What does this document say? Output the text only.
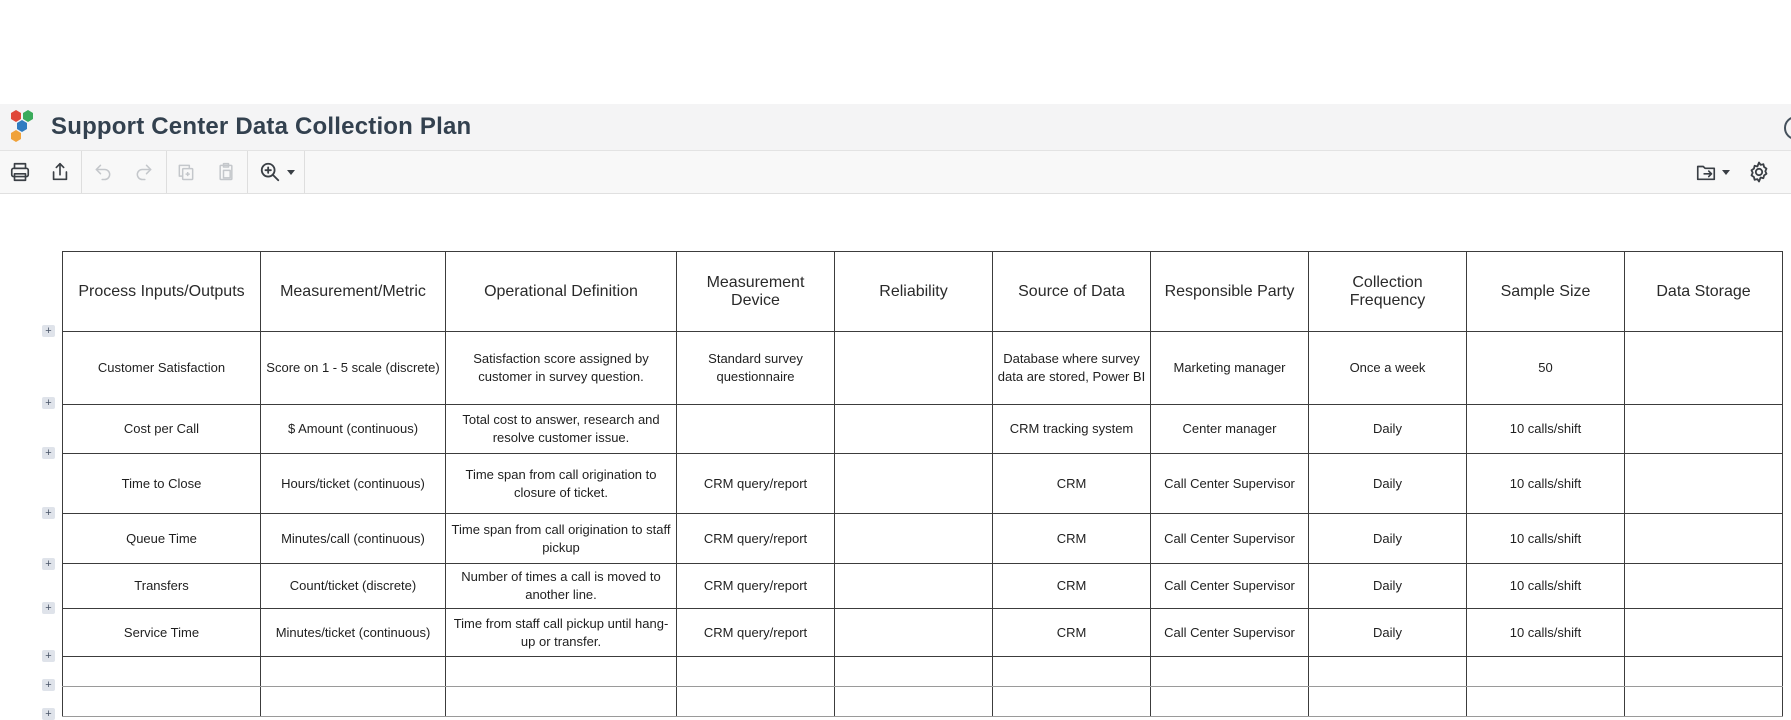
Support Center Data Collection Plan
+
+
+
+
+
+
+
+
+
Process Inputs/Outputs	Measurement/Metric	Operational Definition	Measurement Device	Reliability	Source of Data	Responsible Party	Collection Frequency	Sample Size	Data Storage
Customer Satisfaction	Score on 1 - 5 scale (discrete)	Satisfaction score assigned by customer in survey question.	Standard survey questionnaire		Database where survey data are stored, Power BI	Marketing manager	Once a week	50	
Cost per Call	$ Amount (continuous)	Total cost to answer, research and resolve customer issue.			CRM tracking system	Center manager	Daily	10 calls/shift	
Time to Close	Hours/ticket (continuous)	Time span from call origination to closure of ticket.	CRM query/report		CRM	Call Center Supervisor	Daily	10 calls/shift	
Queue Time	Minutes/call (continuous)	Time span from call origination to staff pickup	CRM query/report		CRM	Call Center Supervisor	Daily	10 calls/shift	
Transfers	Count/ticket (discrete)	Number of times a call is moved to another line.	CRM query/report		CRM	Call Center Supervisor	Daily	10 calls/shift	
Service Time	Minutes/ticket (continuous)	Time from staff call pickup until hang-up or transfer.	CRM query/report		CRM	Call Center Supervisor	Daily	10 calls/shift	
